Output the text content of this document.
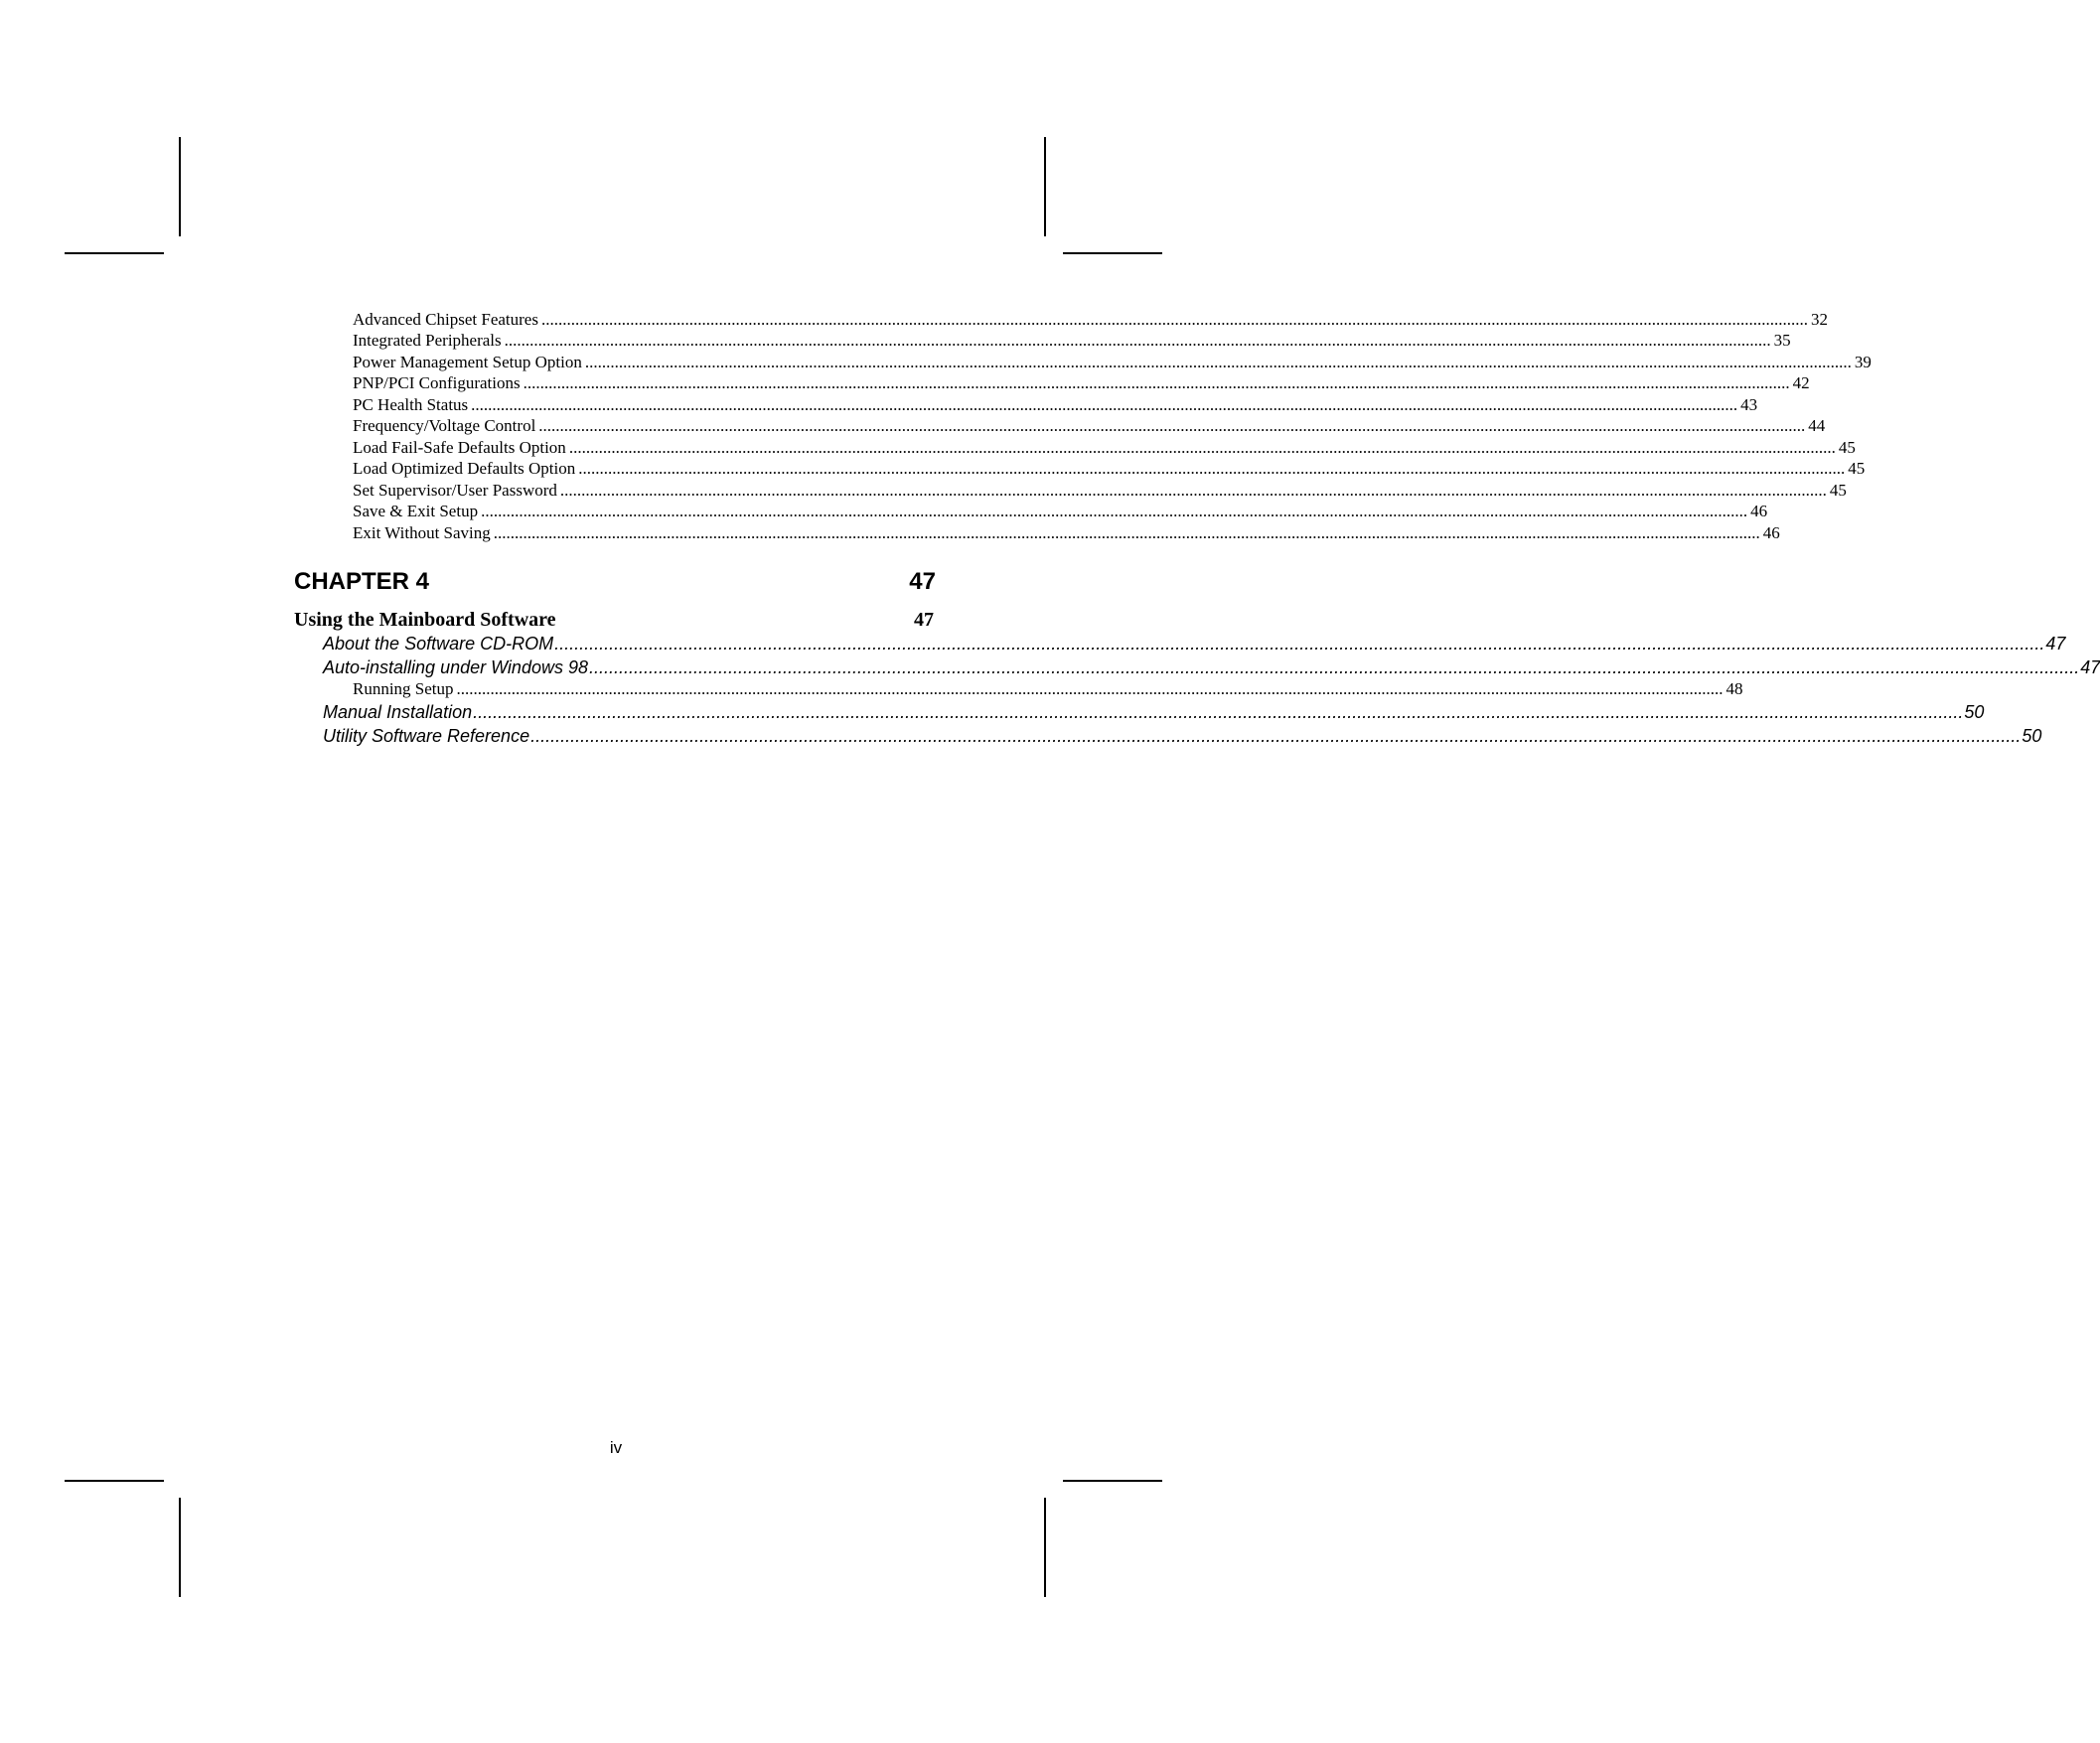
Advanced Chipset Features ............................................................................................................................................................................................................................................................................................................ 32
Integrated Peripherals ............................................................................................................................................................................................................................................................................................................ 35
Power Management Setup Option ............................................................................................................................................................................................................................................................................................................ 39
PNP/PCI Configurations ............................................................................................................................................................................................................................................................................................................ 42
PC Health Status ............................................................................................................................................................................................................................................................................................................ 43
Frequency/Voltage Control ............................................................................................................................................................................................................................................................................................................ 44
Load Fail-Safe Defaults Option ............................................................................................................................................................................................................................................................................................................ 45
Load Optimized Defaults Option ............................................................................................................................................................................................................................................................................................................ 45
Set Supervisor/User Password ............................................................................................................................................................................................................................................................................................................ 45
Save & Exit Setup ............................................................................................................................................................................................................................................................................................................ 46
Exit Without Saving ............................................................................................................................................................................................................................................................................................................ 46
CHAPTER 4	47
Using the Mainboard Software	47
About the Software CD-ROM ............................................................................................................................................................................................................................................................................................................ 47
Auto-installing under Windows 98 ............................................................................................................................................................................................................................................................................................................ 47
Running Setup ............................................................................................................................................................................................................................................................................................................ 48
Manual Installation ............................................................................................................................................................................................................................................................................................................ 50
Utility Software Reference ............................................................................................................................................................................................................................................................................................................ 50
iv
